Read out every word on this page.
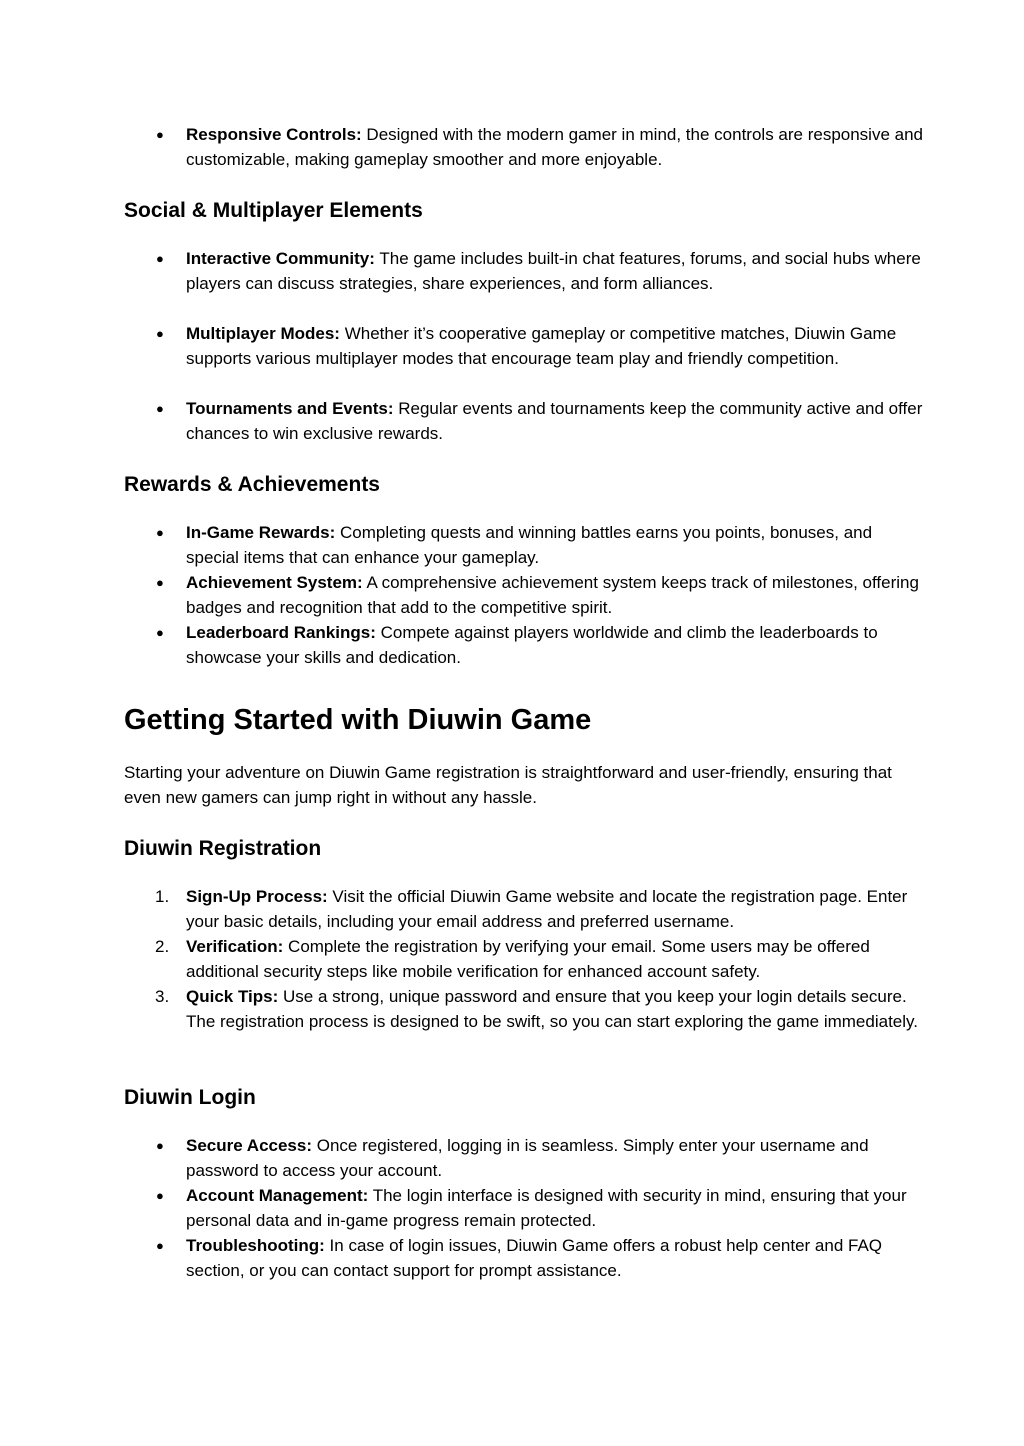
● Responsive Controls: Designed with the modern gamer in mind, the controls are responsive and customizable, making gameplay smoother and more enjoyable.
Social & Multiplayer Elements
● Interactive Community: The game includes built-in chat features, forums, and social hubs where players can discuss strategies, share experiences, and form alliances.
● Multiplayer Modes: Whether it’s cooperative gameplay or competitive matches, Diuwin Game supports various multiplayer modes that encourage team play and friendly competition.
● Tournaments and Events: Regular events and tournaments keep the community active and offer chances to win exclusive rewards.
Rewards & Achievements
● In-Game Rewards: Completing quests and winning battles earns you points, bonuses, and special items that can enhance your gameplay.
● Achievement System: A comprehensive achievement system keeps track of milestones, offering badges and recognition that add to the competitive spirit.
● Leaderboard Rankings: Compete against players worldwide and climb the leaderboards to showcase your skills and dedication.
Getting Started with Diuwin Game
Starting your adventure on Diuwin Game registration is straightforward and user-friendly, ensuring that even new gamers can jump right in without any hassle.
Diuwin Registration
1. Sign-Up Process: Visit the official Diuwin Game website and locate the registration page. Enter your basic details, including your email address and preferred username.
2. Verification: Complete the registration by verifying your email. Some users may be offered additional security steps like mobile verification for enhanced account safety.
3. Quick Tips: Use a strong, unique password and ensure that you keep your login details secure. The registration process is designed to be swift, so you can start exploring the game immediately.
Diuwin Login
● Secure Access: Once registered, logging in is seamless. Simply enter your username and password to access your account.
● Account Management: The login interface is designed with security in mind, ensuring that your personal data and in-game progress remain protected.
● Troubleshooting: In case of login issues, Diuwin Game offers a robust help center and FAQ section, or you can contact support for prompt assistance.
